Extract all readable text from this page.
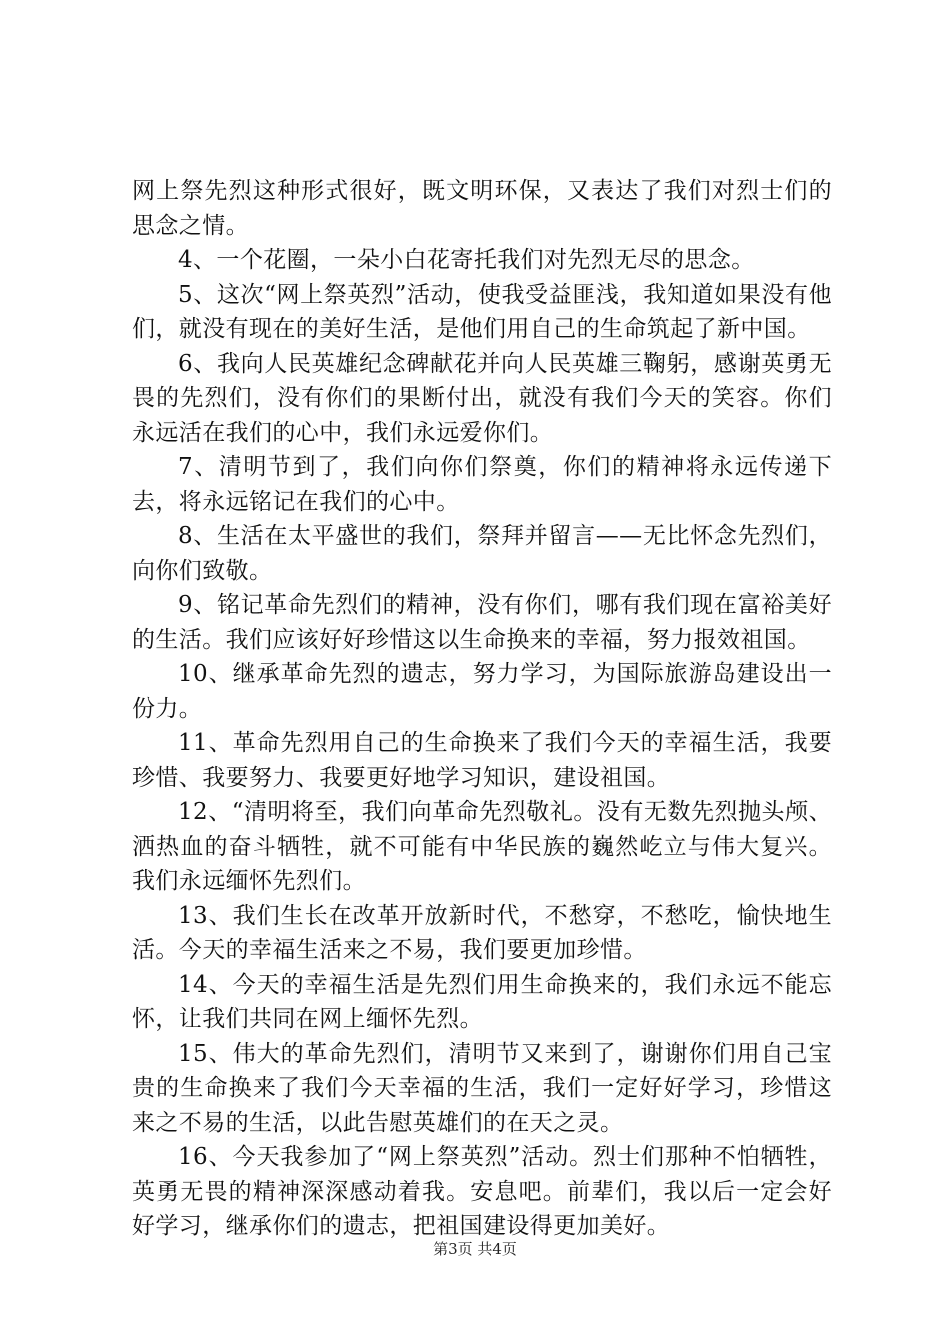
网上祭先烈这种形式很好，既文明环保，又表达了我们对烈士们的思念之情。

4、一个花圈，一朵小白花寄托我们对先烈无尽的思念。

5、这次“网上祭英烈”活动，使我受益匪浅，我知道如果没有他们，就没有现在的美好生活，是他们用自己的生命筑起了新中国。

6、我向人民英雄纪念碑献花并向人民英雄三鞠躬，感谢英勇无畏的先烈们，没有你们的果断付出，就没有我们今天的笑容。你们永远活在我们的心中，我们永远爱你们。

7、清明节到了，我们向你们祭奠，你们的精神将永远传递下去，将永远铭记在我们的心中。

8、生活在太平盛世的我们，祭拜并留言——无比怀念先烈们，向你们致敬。

9、铭记革命先烈们的精神，没有你们，哪有我们现在富裕美好的生活。我们应该好好珍惜这以生命换来的幸福，努力报效祖国。

10、继承革命先烈的遗志，努力学习，为国际旅游岛建设出一份力。

11、革命先烈用自己的生命换来了我们今天的幸福生活，我要珍惜、我要努力、我要更好地学习知识，建设祖国。

12、“清明将至，我们向革命先烈敬礼。没有无数先烈抛头颅、洒热血的奋斗牺牲，就不可能有中华民族的巍然屹立与伟大复兴。我们永远缅怀先烈们。

13、我们生长在改革开放新时代，不愁穿，不愁吃，愉快地生活。今天的幸福生活来之不易，我们要更加珍惜。

14、今天的幸福生活是先烈们用生命换来的，我们永远不能忘怀，让我们共同在网上缅怀先烈。

15、伟大的革命先烈们，清明节又来到了，谢谢你们用自己宝贵的生命换来了我们今天幸福的生活，我们一定好好学习，珍惜这来之不易的生活，以此告慰英雄们的在天之灵。

16、今天我参加了“网上祭英烈”活动。烈士们那种不怕牺牲，英勇无畏的精神深深感动着我。安息吧。前辈们，我以后一定会好好学习，继承你们的遗志，把祖国建设得更加美好。

第3页 共4页
